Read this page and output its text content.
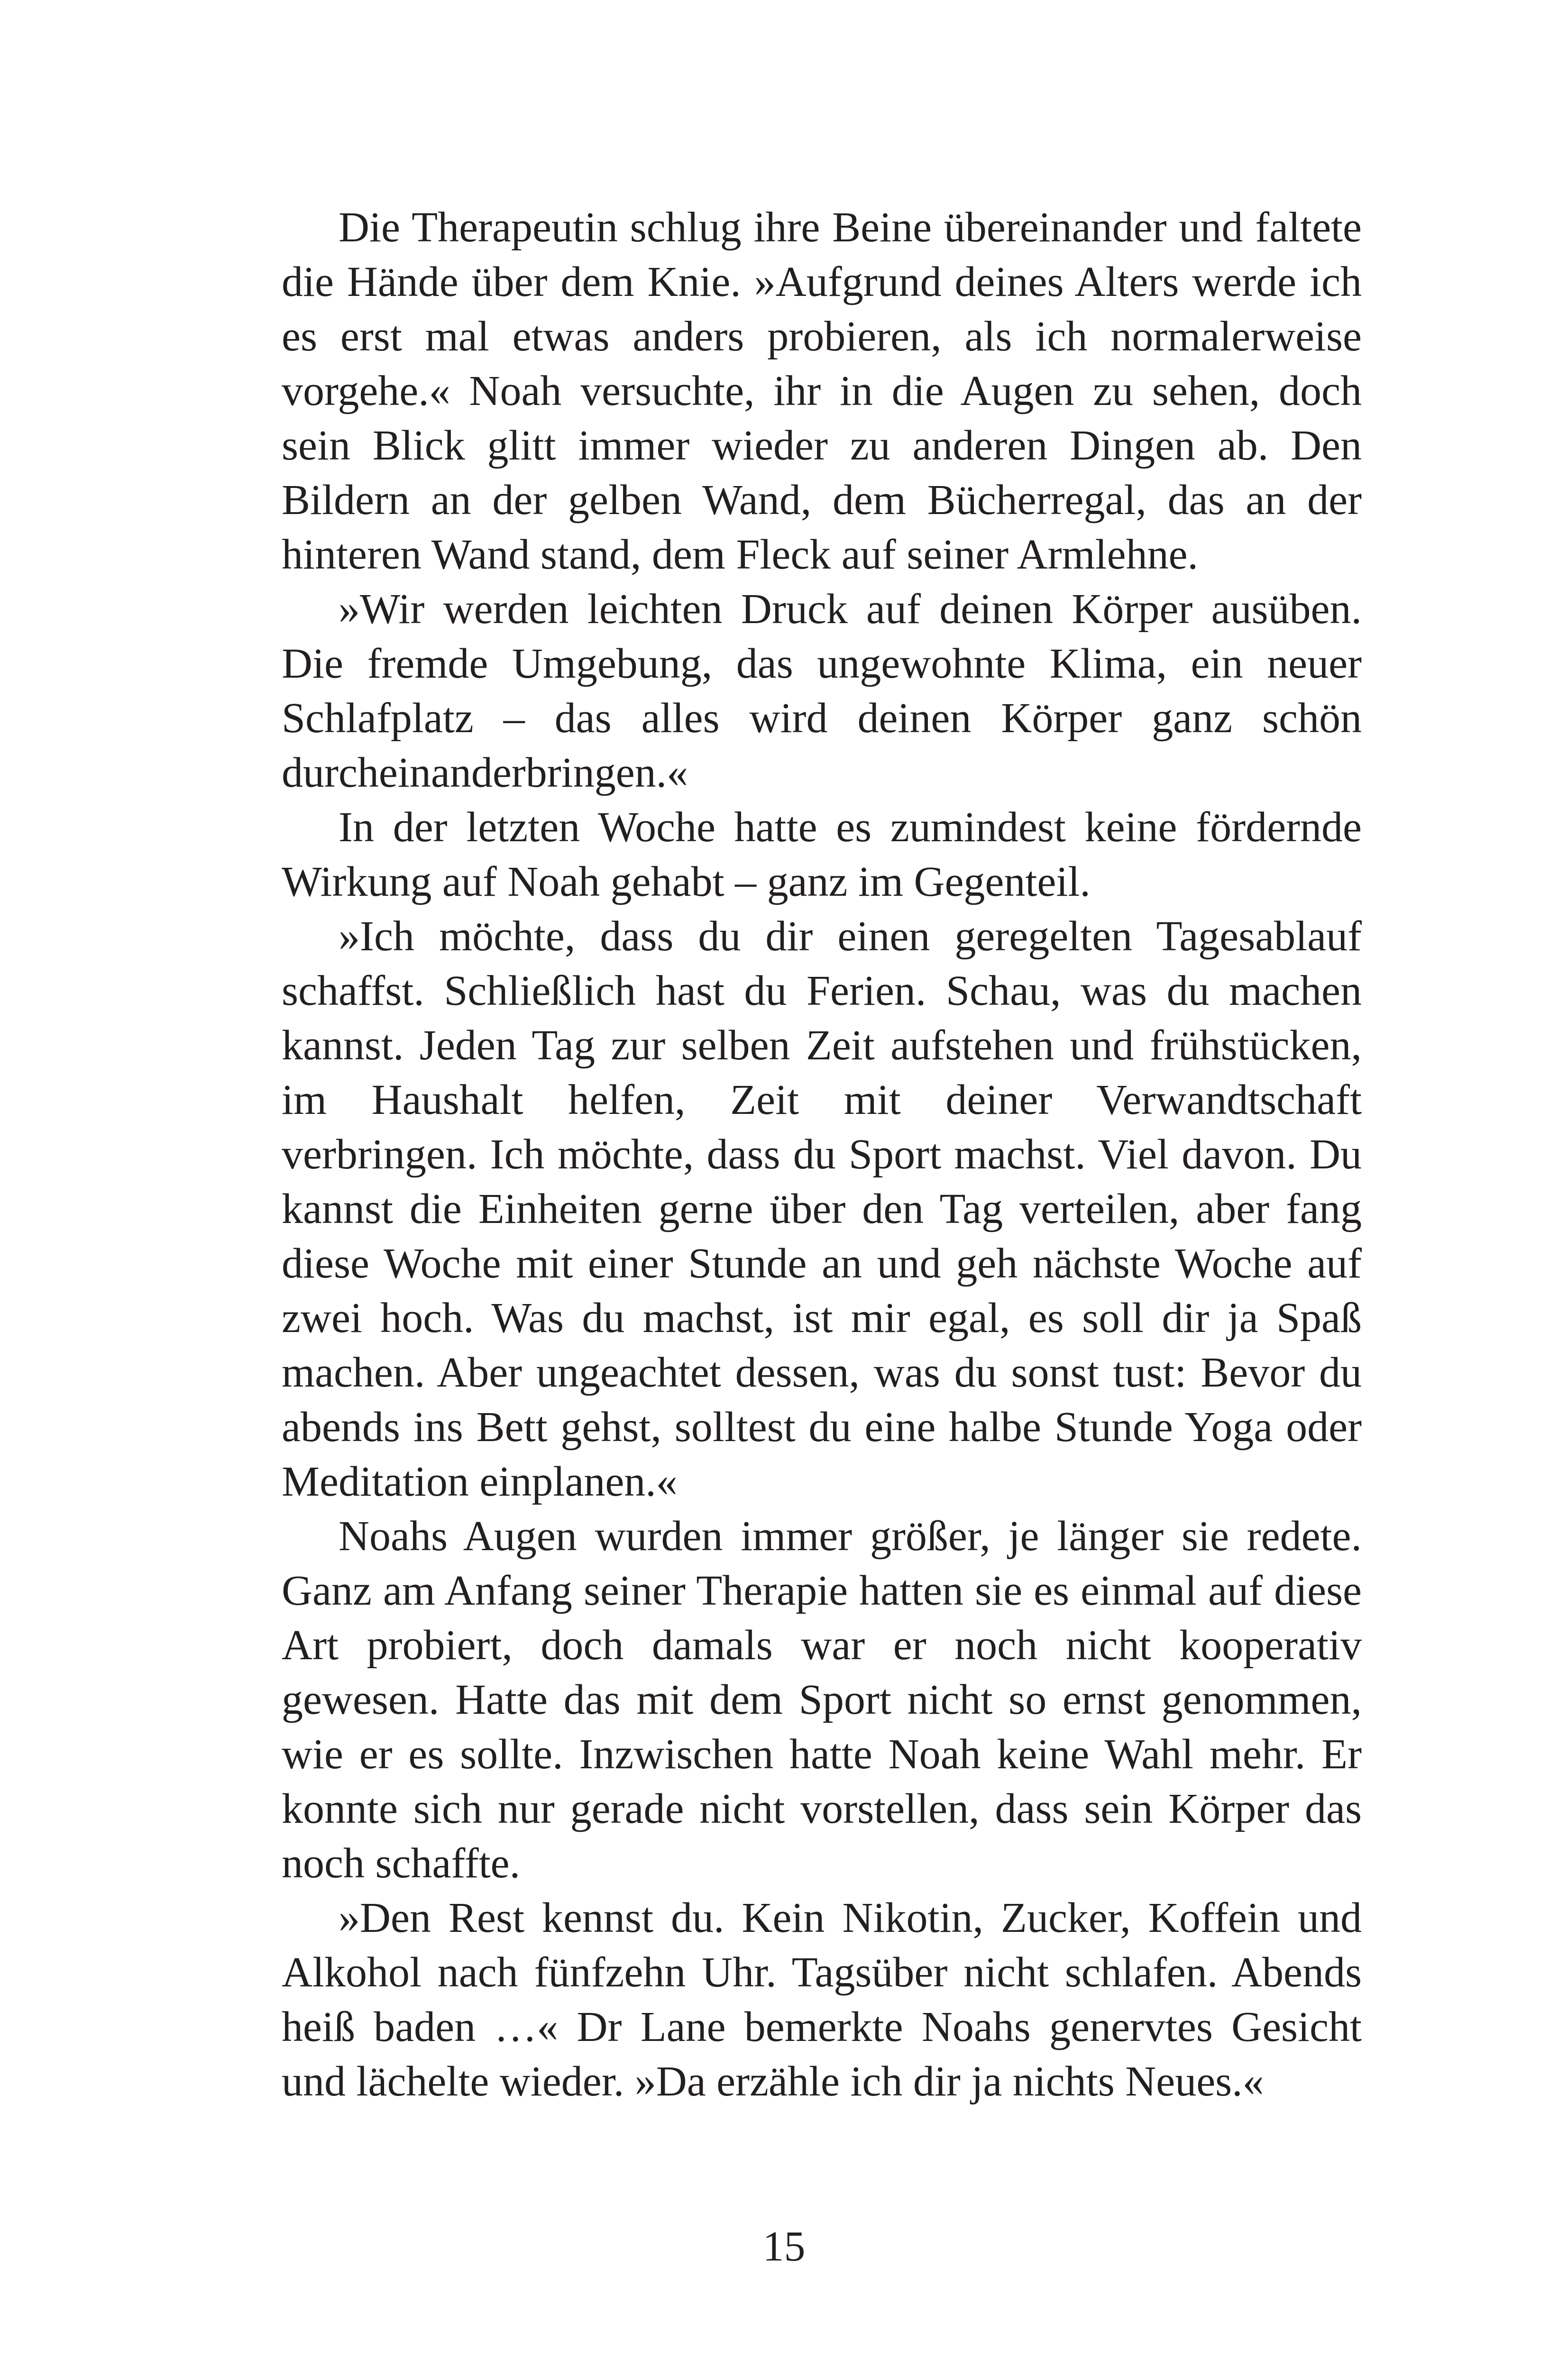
Die Therapeutin schlug ihre Beine übereinander und faltete die Hände über dem Knie. »Aufgrund deines Alters werde ich es erst mal etwas anders probieren, als ich normalerweise vorgehe.« Noah versuchte, ihr in die Augen zu sehen, doch sein Blick glitt immer wieder zu anderen Dingen ab. Den Bildern an der gelben Wand, dem Bücherregal, das an der hinteren Wand stand, dem Fleck auf seiner Armlehne.

»Wir werden leichten Druck auf deinen Körper ausüben. Die fremde Umgebung, das ungewohnte Klima, ein neuer Schlafplatz – das alles wird deinen Körper ganz schön durcheinanderbringen.«

In der letzten Woche hatte es zumindest keine fördernde Wirkung auf Noah gehabt – ganz im Gegenteil.

»Ich möchte, dass du dir einen geregelten Tagesablauf schaffst. Schließlich hast du Ferien. Schau, was du machen kannst. Jeden Tag zur selben Zeit aufstehen und frühstücken, im Haushalt helfen, Zeit mit deiner Verwandtschaft verbringen. Ich möchte, dass du Sport machst. Viel davon. Du kannst die Einheiten gerne über den Tag verteilen, aber fang diese Woche mit einer Stunde an und geh nächste Woche auf zwei hoch. Was du machst, ist mir egal, es soll dir ja Spaß machen. Aber ungeachtet dessen, was du sonst tust: Bevor du abends ins Bett gehst, solltest du eine halbe Stunde Yoga oder Meditation einplanen.«

Noahs Augen wurden immer größer, je länger sie redete. Ganz am Anfang seiner Therapie hatten sie es einmal auf diese Art probiert, doch damals war er noch nicht kooperativ gewesen. Hatte das mit dem Sport nicht so ernst genommen, wie er es sollte. Inzwischen hatte Noah keine Wahl mehr. Er konnte sich nur gerade nicht vorstellen, dass sein Körper das noch schaffte.

»Den Rest kennst du. Kein Nikotin, Zucker, Koffein und Alkohol nach fünfzehn Uhr. Tagsüber nicht schlafen. Abends heiß baden …« Dr Lane bemerkte Noahs genervtes Gesicht und lächelte wieder. »Da erzähle ich dir ja nichts Neues.«

15
